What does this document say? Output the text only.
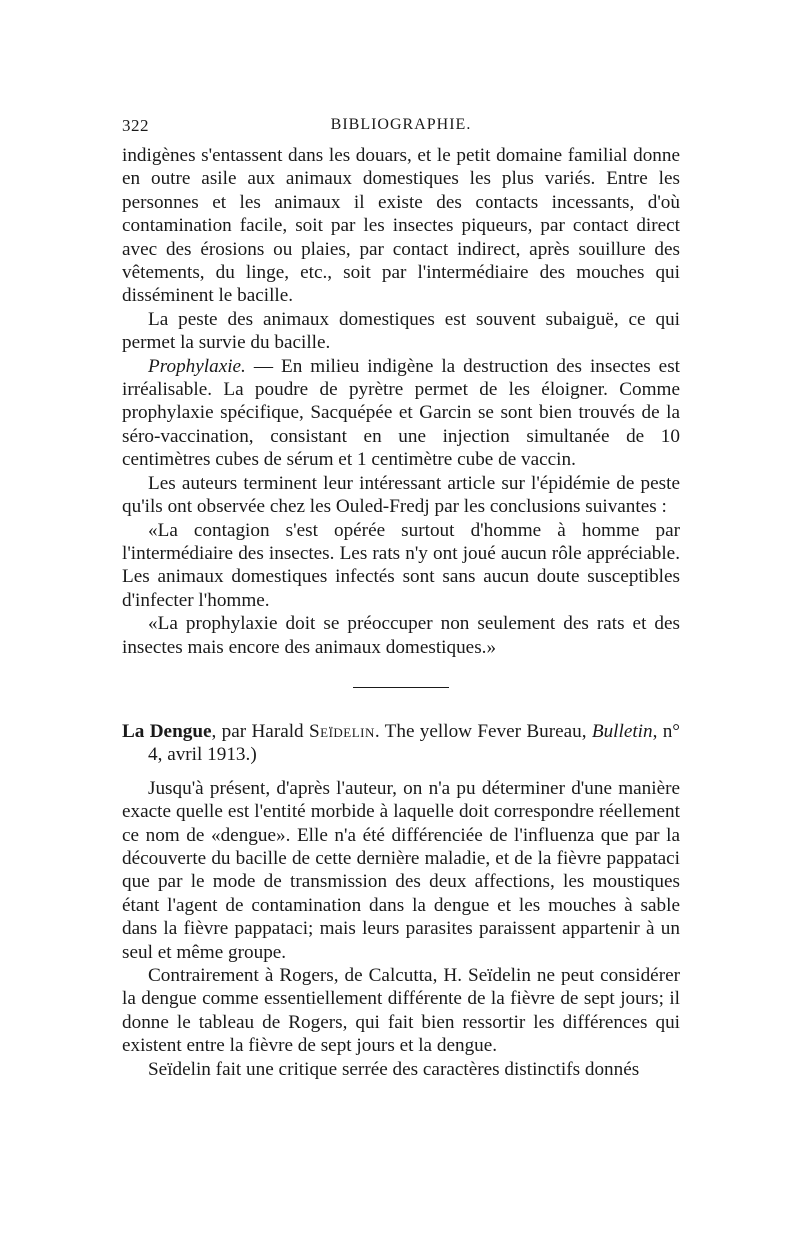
322	BIBLIOGRAPHIE.

indigènes s'entassent dans les douars, et le petit domaine familial donne en outre asile aux animaux domestiques les plus variés. Entre les personnes et les animaux il existe des contacts incessants, d'où contamination facile, soit par les insectes piqueurs, par contact direct avec des érosions ou plaies, par contact indirect, après souillure des vêtements, du linge, etc., soit par l'intermédiaire des mouches qui disséminent le bacille.

La peste des animaux domestiques est souvent subaiguë, ce qui permet la survie du bacille.

Prophylaxie. — En milieu indigène la destruction des insectes est irréalisable. La poudre de pyrètre permet de les éloigner. Comme prophylaxie spécifique, Sacquépée et Garcin se sont bien trouvés de la séro-vaccination, consistant en une injection simultanée de 10 centimètres cubes de sérum et 1 centimètre cube de vaccin.

Les auteurs terminent leur intéressant article sur l'épidémie de peste qu'ils ont observée chez les Ouled-Fredj par les conclusions suivantes :

«La contagion s'est opérée surtout d'homme à homme par l'intermédiaire des insectes. Les rats n'y ont joué aucun rôle appréciable. Les animaux domestiques infectés sont sans aucun doute susceptibles d'infecter l'homme.

«La prophylaxie doit se préoccuper non seulement des rats et des insectes mais encore des animaux domestiques.»

La Dengue, par Harald Seïdelin. The yellow Fever Bureau, Bulletin, n° 4, avril 1913.)

Jusqu'à présent, d'après l'auteur, on n'a pu déterminer d'une manière exacte quelle est l'entité morbide à laquelle doit correspondre réellement ce nom de «dengue». Elle n'a été différenciée de l'influenza que par la découverte du bacille de cette dernière maladie, et de la fièvre pappataci que par le mode de transmission des deux affections, les moustiques étant l'agent de contamination dans la dengue et les mouches à sable dans la fièvre pappataci; mais leurs parasites paraissent appartenir à un seul et même groupe.

Contrairement à Rogers, de Calcutta, H. Seïdelin ne peut considérer la dengue comme essentiellement différente de la fièvre de sept jours; il donne le tableau de Rogers, qui fait bien ressortir les différences qui existent entre la fièvre de sept jours et la dengue.

Seïdelin fait une critique serrée des caractères distinctifs donnés
